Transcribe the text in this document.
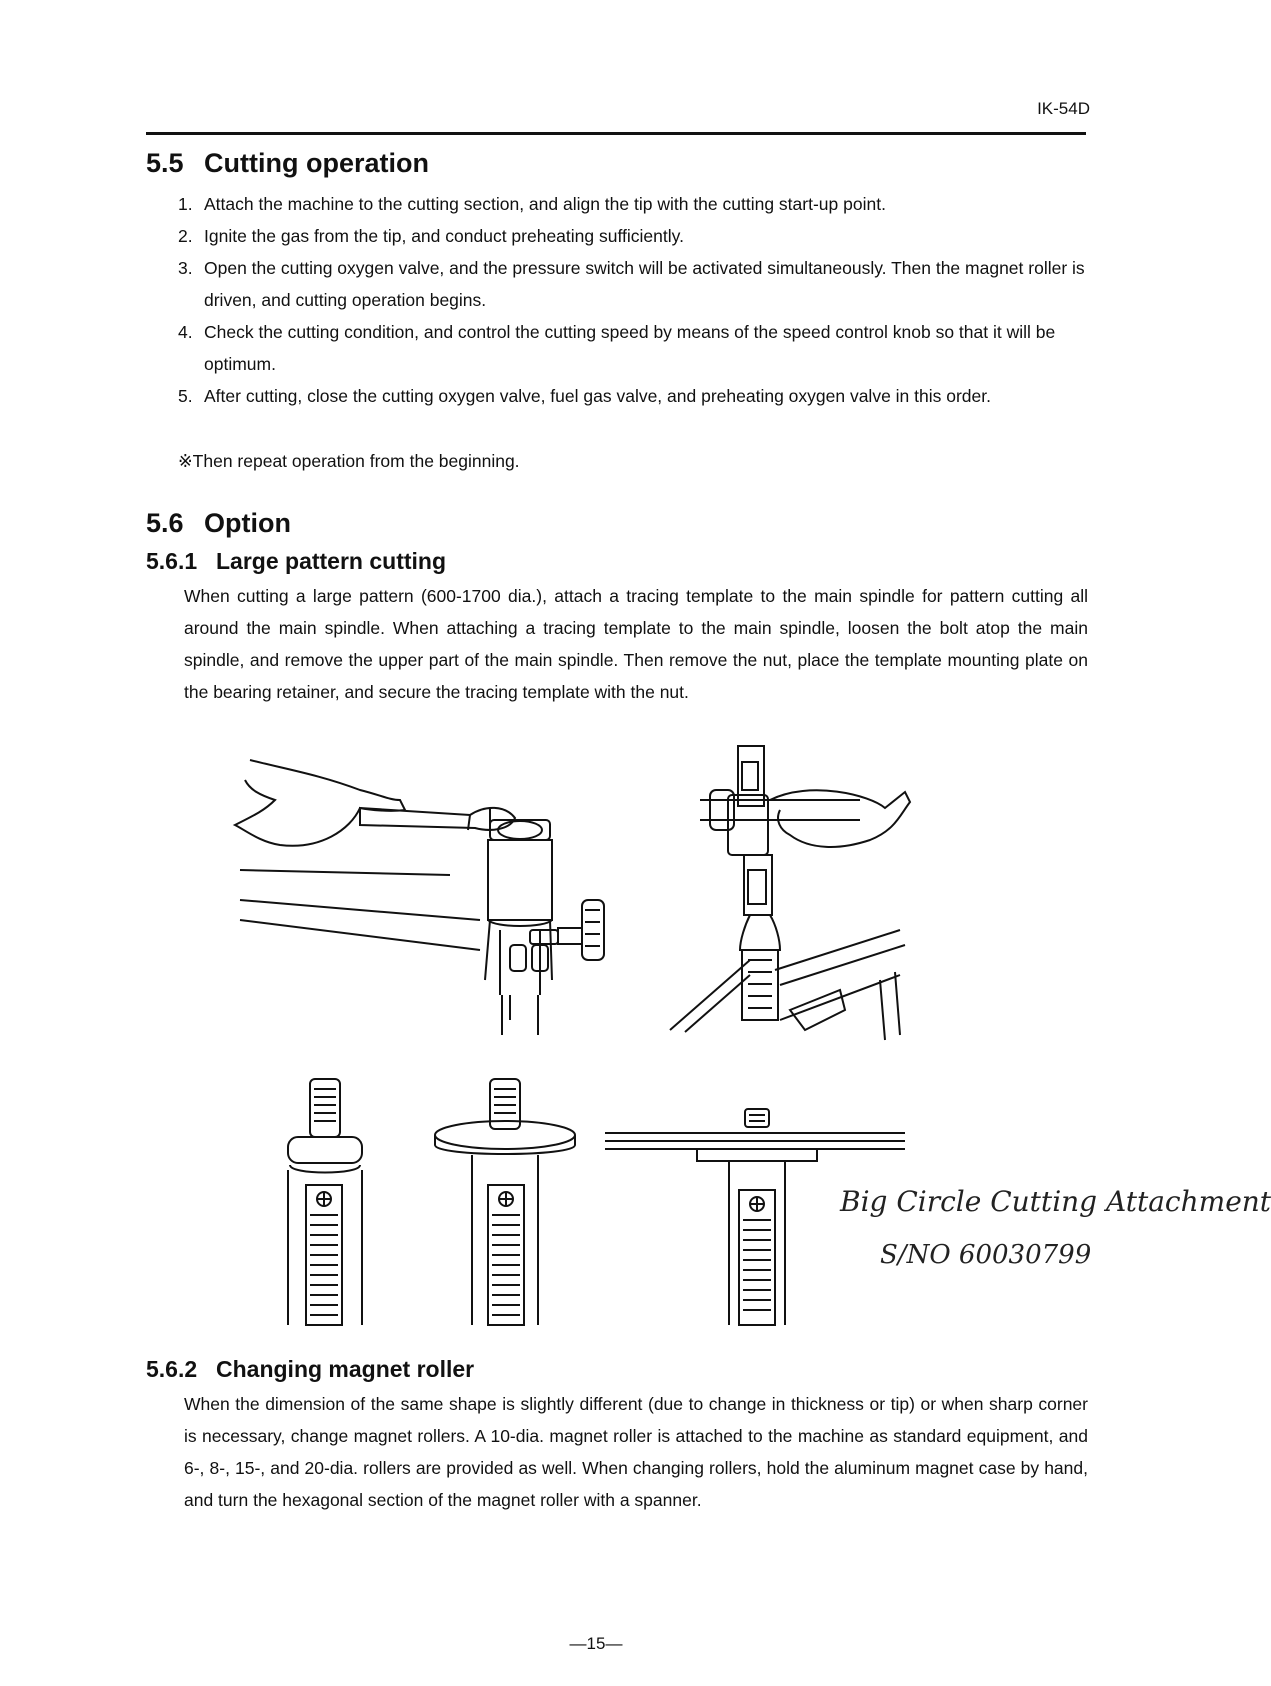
IK-54D
5.5 Cutting operation
1. Attach the machine to the cutting section, and align the tip with the cutting start-up point.
2. Ignite the gas from the tip, and conduct preheating sufficiently.
3. Open the cutting oxygen valve, and the pressure switch will be activated simultaneously. Then the magnet roller is driven, and cutting operation begins.
4. Check the cutting condition, and control the cutting speed by means of the speed control knob so that it will be optimum.
5. After cutting, close the cutting oxygen valve, fuel gas valve, and preheating oxygen valve in this order.
※Then repeat operation from the beginning.
5.6 Option
5.6.1 Large pattern cutting

When cutting a large pattern (600-1700 dia.), attach a tracing template to the main spindle for pattern cutting all around the main spindle. When attaching a tracing template to the main spindle, loosen the bolt atop the main spindle, and remove the upper part of the main spindle. Then remove the nut, place the template mounting plate on the bearing retainer, and secure the tracing template with the nut.

Big Circle Cutting Attachment
S/NO 60030799
5.6.2 Changing magnet roller

When the dimension of the same shape is slightly different (due to change in thickness or tip) or when sharp corner is necessary, change magnet rollers. A 10-dia. magnet roller is attached to the machine as standard equipment, and 6-, 8-, 15-, and 20-dia. rollers are provided as well. When changing rollers, hold the aluminum magnet case by hand, and turn the hexagonal section of the magnet roller with a spanner.

—15—
